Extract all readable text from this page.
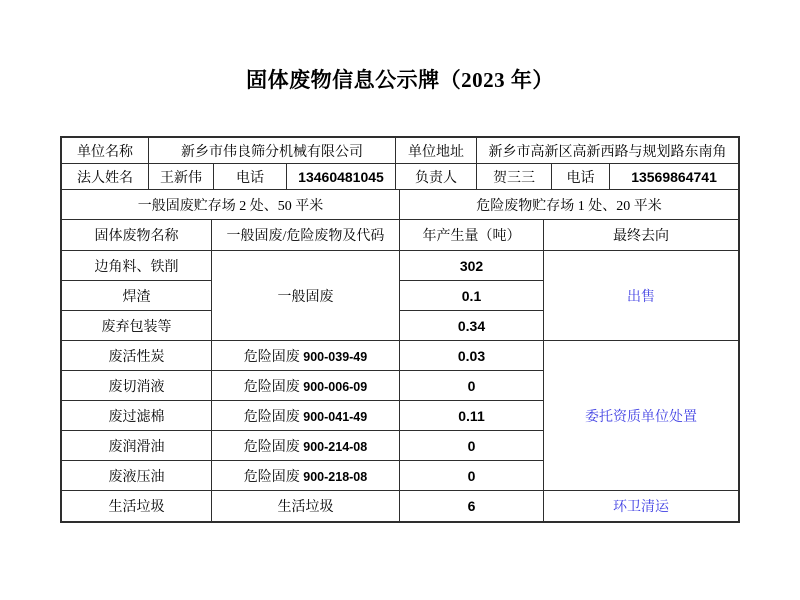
固体废物信息公示牌（2023 年）
单位名称	新乡市伟良筛分机械有限公司			单位地址	新乡市高新区高新西路与规划路东南角		
法人姓名	王新伟	电话	13460481045	负责人	贺三三	电话	13569864741
一般固废贮存场 2 处、50 平米	危险废物贮存场 1 处、20 平米
固体废物名称	一般固废/危险废物及代码	年产生量（吨）	最终去向
边角料、铁削	一般固废	302	出售
焊渣		0.1	
废弃包装等		0.34	
废活性炭	危险固废 900-039-49	0.03	委托资质单位处置
废切消液	危险固废 900-006-09	0	
废过滤棉	危险固废 900-041-49	0.11	
废润滑油	危险固废 900-214-08	0	
废液压油	危险固废 900-218-08	0	
生活垃圾	生活垃圾	6	环卫清运
